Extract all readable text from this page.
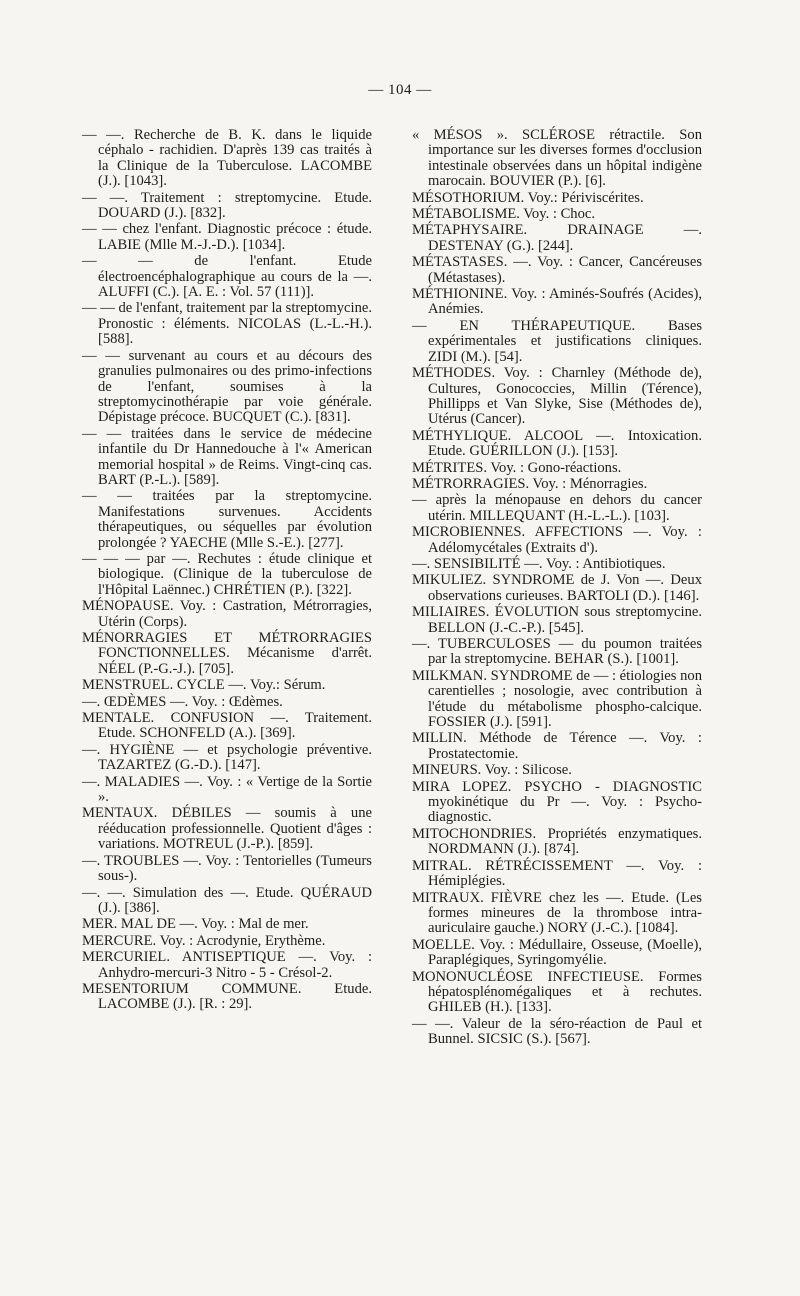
— 104 —

— —. Recherche de B. K. dans le liquide céphalo - rachidien. D'après 139 cas traités à la Clinique de la Tuberculose. LACOMBE (J.). [1043].

— —. Traitement : streptomycine. Etude. DOUARD (J.). [832].

— — chez l'enfant. Diagnostic précoce : étude. LABIE (Mlle M.-J.-D.). [1034].

— — de l'enfant. Etude électroencéphalographique au cours de la —. ALUFFI (C.). [A. E. : Vol. 57 (111)].

— — de l'enfant, traitement par la streptomycine. Pronostic : éléments. NICOLAS (L.-L.-H.). [588].

— — survenant au cours et au décours des granulies pulmonaires ou des primo-infections de l'enfant, soumises à la streptomycinothérapie par voie générale. Dépistage précoce. BUCQUET (C.). [831].

— — traitées dans le service de médecine infantile du Dr Hannedouche à l'« American memorial hospital » de Reims. Vingt-cinq cas. BART (P.-L.). [589].

— — traitées par la streptomycine. Manifestations survenues. Accidents thérapeutiques, ou séquelles par évolution prolongée ? YAECHE (Mlle S.-E.). [277].

— — — par —. Rechutes : étude clinique et biologique. (Clinique de la tuberculose de l'Hôpital Laënnec.) CHRÉTIEN (P.). [322].

MÉNOPAUSE. Voy. : Castration, Métrorragies, Utérin (Corps).

MÉNORRAGIES ET MÉTRORRAGIES FONCTIONNELLES. Mécanisme d'arrêt. NÉEL (P.-G.-J.). [705].

MENSTRUEL. CYCLE —. Voy.: Sérum.

—. ŒDÈMES —. Voy. : Œdèmes.

MENTALE. CONFUSION —. Traitement. Etude. SCHONFELD (A.). [369].

—. HYGIÈNE — et psychologie préventive. TAZARTEZ (G.-D.). [147].

—. MALADIES —. Voy. : « Vertige de la Sortie ».

MENTAUX. DÉBILES — soumis à une rééducation professionnelle. Quotient d'âges : variations. MOTREUL (J.-P.). [859].

—. TROUBLES —. Voy. : Tentorielles (Tumeurs sous-).

—. —. Simulation des —. Etude. QUÉRAUD (J.). [386].

MER. MAL DE —. Voy. : Mal de mer.

MERCURE. Voy. : Acrodynie, Erythème.

MERCURIEL. ANTISEPTIQUE —. Voy. : Anhydro-mercuri-3 Nitro - 5 - Crésol-2.

MESENTORIUM COMMUNE. Etude. LACOMBE (J.). [R. : 29].

« MÉSOS ». SCLÉROSE rétractile. Son importance sur les diverses formes d'occlusion intestinale observées dans un hôpital indigène marocain. BOUVIER (P.). [6].

MÉSOTHORIUM. Voy.: Périviscérites.

MÉTABOLISME. Voy. : Choc.

MÉTAPHYSAIRE. DRAINAGE —. DESTENAY (G.). [244].

MÉTASTASES. —. Voy. : Cancer, Cancéreuses (Métastases).

MÉTHIONINE. Voy. : Aminés-Soufrés (Acides), Anémies.

— EN THÉRAPEUTIQUE. Bases expérimentales et justifications cliniques. ZIDI (M.). [54].

MÉTHODES. Voy. : Charnley (Méthode de), Cultures, Gonococcies, Millin (Térence), Phillipps et Van Slyke, Sise (Méthodes de), Utérus (Cancer).

MÉTHYLIQUE. ALCOOL —. Intoxication. Etude. GUÉRILLON (J.). [153].

MÉTRITES. Voy. : Gono-réactions.

MÉTRORRAGIES. Voy. : Ménorragies.

— après la ménopause en dehors du cancer utérin. MILLEQUANT (H.-L.-L.). [103].

MICROBIENNES. AFFECTIONS —. Voy. : Adélomycétales (Extraits d').

—. SENSIBILITÉ —. Voy. : Antibiotiques.

MIKULIEZ. SYNDROME de J. Von —. Deux observations curieuses. BARTOLI (D.). [146].

MILIAIRES. ÉVOLUTION sous streptomycine. BELLON (J.-C.-P.). [545].

—. TUBERCULOSES — du poumon traitées par la streptomycine. BEHAR (S.). [1001].

MILKMAN. SYNDROME de — : étiologies non carentielles ; nosologie, avec contribution à l'étude du métabolisme phospho-calcique. FOSSIER (J.). [591].

MILLIN. Méthode de Térence —. Voy. : Prostatectomie.

MINEURS. Voy. : Silicose.

MIRA LOPEZ. PSYCHO - DIAGNOSTIC myokinétique du Pr —. Voy. : Psycho-diagnostic.

MITOCHONDRIES. Propriétés enzymatiques. NORDMANN (J.). [874].

MITRAL. RÉTRÉCISSEMENT —. Voy. : Hémiplégies.

MITRAUX. FIÈVRE chez les —. Etude. (Les formes mineures de la thrombose intra-auriculaire gauche.) NORY (J.-C.). [1084].

MOELLE. Voy. : Médullaire, Osseuse, (Moelle), Paraplégiques, Syringomyélie.

MONONUCLÉOSE INFECTIEUSE. Formes hépatosplénomégaliques et à rechutes. GHILEB (H.). [133].

— —. Valeur de la séro-réaction de Paul et Bunnel. SICSIC (S.). [567].
